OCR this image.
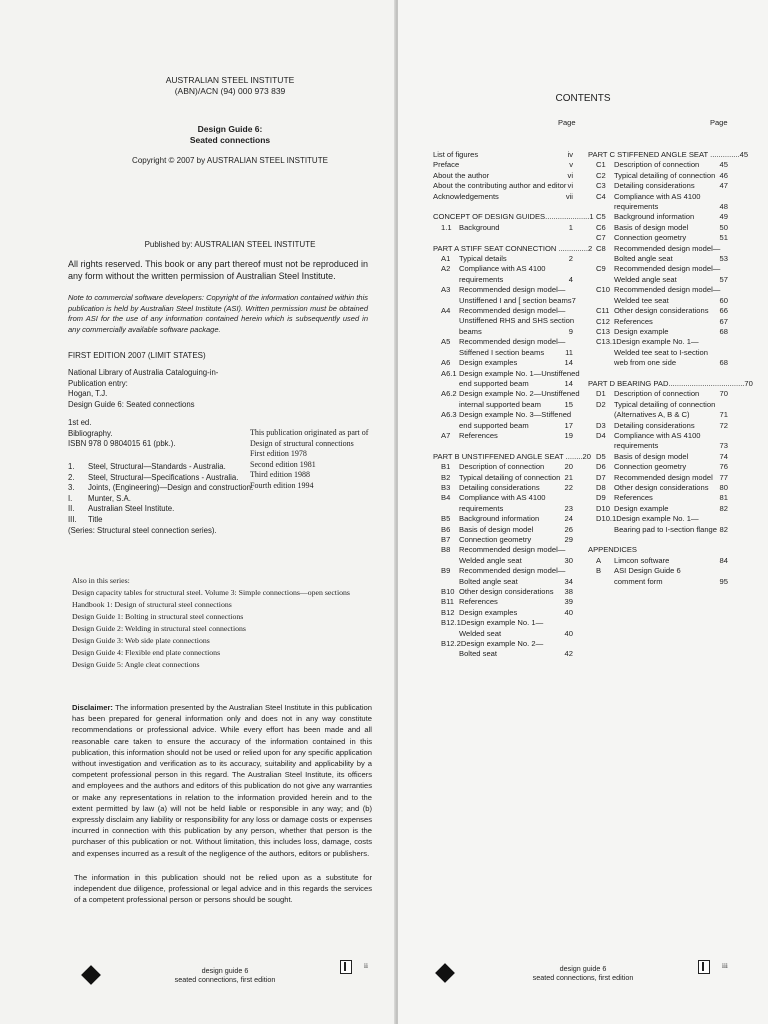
AUSTRALIAN STEEL INSTITUTE
(ABN)/ACN (94) 000 973 839
Design Guide 6:
Seated connections
Copyright © 2007 by AUSTRALIAN STEEL INSTITUTE
Published by: AUSTRALIAN STEEL INSTITUTE
All rights reserved. This book or any part thereof must not be reproduced in any form without the written permission of Australian Steel Institute.
Note to commercial software developers: Copyright of the information contained within this publication is held by Australian Steel Institute (ASI). Written permission must be obtained from ASI for the use of any information contained herein which is subsequently used in any commercially available software package.
FIRST EDITION 2007 (LIMIT STATES)
National Library of Australia Cataloguing-in-Publication entry:
Hogan, T.J.
Design Guide 6: Seated connections
1st ed.
Bibliography.
ISBN 978 0 9804015 61 (pbk.).
1.	Steel, Structural—Standards - Australia.
2.	Steel, Structural—Specifications - Australia.
3.	Joints, (Engineering)—Design and construction.
I.	Munter, S.A.
II.	Australian Steel Institute.
III.	Title
(Series: Structural steel connection series).
This publication originated as part of
Design of structural connections
First edition 1978
Second edition 1981
Third edition 1988
Fourth edition 1994
Also in this series:
Design capacity tables for structural steel. Volume 3: Simple connections—open sections
Handbook 1: Design of structural steel connections
Design Guide 1: Bolting in structural steel connections
Design Guide 2: Welding in structural steel connections
Design Guide 3: Web side plate connections
Design Guide 4: Flexible end plate connections
Design Guide 5: Angle cleat connections
Disclaimer: The information presented by the Australian Steel Institute in this publication has been prepared for general information only and does not in any way constitute recommendations or professional advice. While every effort has been made and all reasonable care taken to ensure the accuracy of the information contained in this publication, this information should not be used or relied upon for any specific application without investigation and verification as to its accuracy, suitability and applicability by a competent professional person in this regard. The Australian Steel Institute, its officers and employees and the authors and editors of this publication do not give any warranties or make any representations in relation to the information provided herein and to the extent permitted by law (a) will not be held liable or responsible in any way; and (b) expressly disclaim any liability or responsibility for any loss or damage costs or expenses incurred in connection with this publication by any person, whether that person is the purchaser of this publication or not. Without limitation, this includes loss, damage, costs and expenses incurred as a result of the negligence of the authors, editors or publishers.
The information in this publication should not be relied upon as a substitute for independent due diligence, professional or legal advice and in this regards the services of a competent professional person or persons should be sought.
design guide 6
seated connections, first edition
ii
CONTENTS
Page	Page
List of figures	iv
Preface	v
About the author	vi
About the contributing author and editor vi
Acknowledgements	vii
CONCEPT OF DESIGN GUIDES..................... 1
1.1 Background	1
PART A STIFF SEAT CONNECTION .............. 2
A1 Typical details	2
A2 Compliance with AS 4100
requirements	4
A3 Recommended design model—
Unstiffened I and [ section beams 7
A4 Recommended design model—
Unstiffened RHS and SHS section
beams	9
A5 Recommended design model—
Stiffened I section beams	11
A6 Design examples	14
A6.1 Design example No. 1—Unstiffened
end supported beam	14
A6.2 Design example No. 2—Unstiffened
internal supported beam	15
A6.3 Design example No. 3—Stiffened
end supported beam	17
A7 References	19
PART B UNSTIFFENED ANGLE SEAT ........ 20
B1 Description of connection	20
B2 Typical detailing of connection 21
B3 Detailing considerations	22
B4 Compliance with AS 4100
requirements	23
B5 Background information	24
B6 Basis of design model	26
B7 Connection geometry	29
B8 Recommended design model—
Welded angle seat	30
B9 Recommended design model—
Bolted angle seat	34
B10 Other design considerations 38
B11 References	39
B12 Design examples	40
B12.1Design example No. 1—
Welded seat	40
B12.2Design example No. 2—
Bolted seat	42
PART C STIFFENED ANGLE SEAT .............. 45
C1 Description of connection	45
C2 Typical detailing of connection 46
C3 Detailing considerations	47
C4 Compliance with AS 4100
requirements	48
C5 Background information	49
C6 Basis of design model	50
C7 Connection geometry	51
C8 Recommended design model—
Bolted angle seat	53
C9 Recommended design model—
Welded angle seat	57
C10 Recommended design model—
Welded tee seat	60
C11 Other design considerations 66
C12 References	67
C13 Design example	68
C13.1Design example No. 1—
Welded tee seat to I-section
web from one side	68
PART D BEARING PAD.................................... 70
D1 Description of connection	70
D2 Typical detailing of connection
(Alternatives A, B & C)	71
D3 Detailing considerations	72
D4 Compliance with AS 4100
requirements	73
D5 Basis of design model	74
D6 Connection geometry	76
D7 Recommended design model 77
D8 Other design considerations 80
D9 References	81
D10 Design example	82
D10.1Design example No. 1—
Bearing pad to I-section flange 82
APPENDICES
A Limcon software	84
B ASI Design Guide 6
comment form	95
design guide 6
seated connections, first edition
iii
